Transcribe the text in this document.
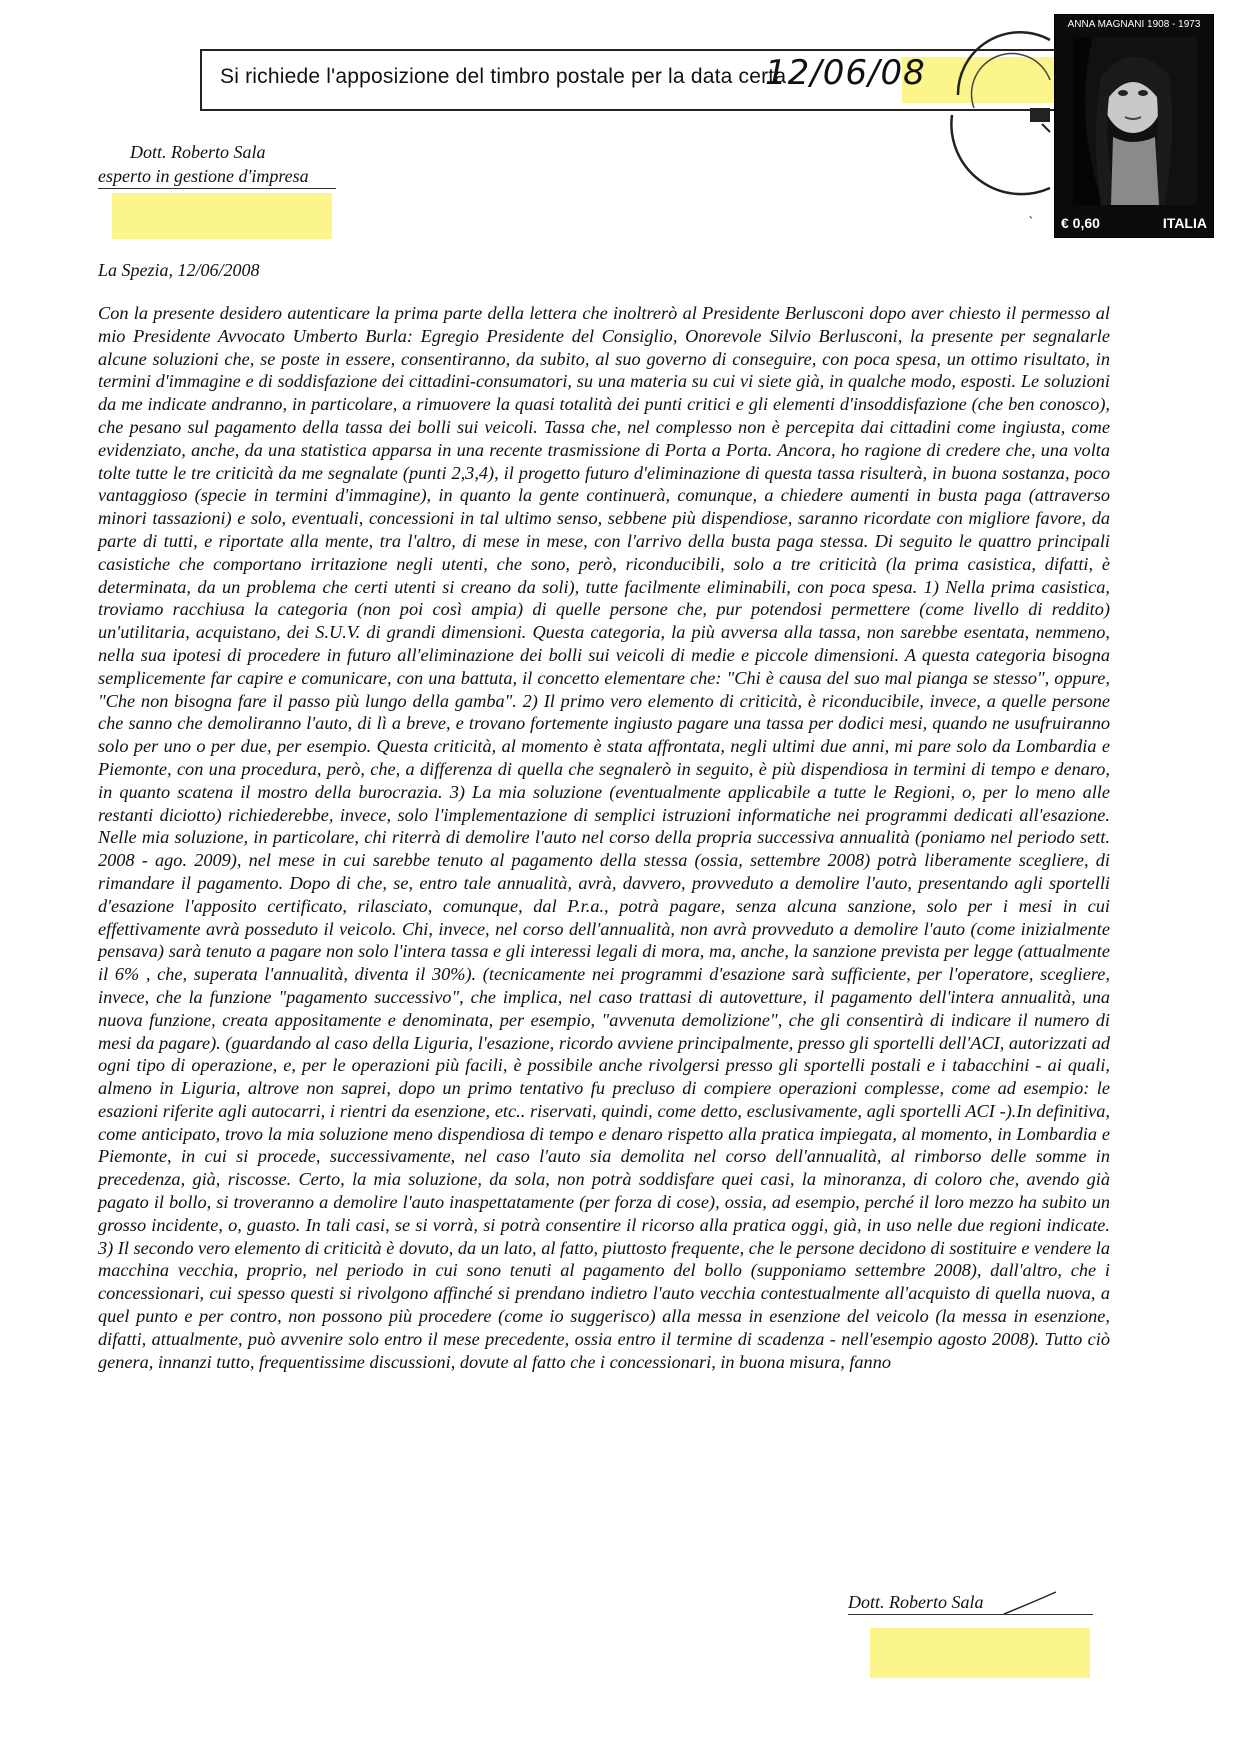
Si richiede l'apposizione del timbro postale per la data certa
12/06/08
ANNA MAGNANI 1908 - 1973
€ 0,60	ITALIA
Dott. Roberto Sala
esperto in gestione d'impresa
La Spezia, 12/06/2008

Con la presente desidero autenticare la prima parte della lettera che inoltrerò al Presidente Berlusconi dopo aver chiesto il permesso al mio Presidente Avvocato Umberto Burla: Egregio Presidente del Consiglio, Onorevole Silvio Berlusconi, la presente per segnalarle alcune soluzioni che, se poste in essere, consentiranno, da subito, al suo governo di conseguire, con poca spesa, un ottimo risultato, in termini d'immagine e di soddisfazione dei cittadini-consumatori, su una materia su cui vi siete già, in qualche modo, esposti. Le soluzioni da me indicate andranno, in particolare, a rimuovere la quasi totalità dei punti critici e gli elementi d'insoddisfazione (che ben conosco), che pesano sul pagamento della tassa dei bolli sui veicoli. Tassa che, nel complesso non è percepita dai cittadini come ingiusta, come evidenziato, anche, da una statistica apparsa in una recente trasmissione di Porta a Porta. Ancora, ho ragione di credere che, una volta tolte tutte le tre criticità da me segnalate (punti 2,3,4), il progetto futuro d'eliminazione di questa tassa risulterà, in buona sostanza, poco vantaggioso (specie in termini d'immagine), in quanto la gente continuerà, comunque, a chiedere aumenti in busta paga (attraverso minori tassazioni) e solo, eventuali, concessioni in tal ultimo senso, sebbene più dispendiose, saranno ricordate con migliore favore, da parte di tutti, e riportate alla mente, tra l'altro, di mese in mese, con l'arrivo della busta paga stessa. Di seguito le quattro principali casistiche che comportano irritazione negli utenti, che sono, però, riconducibili, solo a tre criticità (la prima casistica, difatti, è determinata, da un problema che certi utenti si creano da soli), tutte facilmente eliminabili, con poca spesa. 1) Nella prima casistica, troviamo racchiusa la categoria (non poi così ampia) di quelle persone che, pur potendosi permettere (come livello di reddito) un'utilitaria, acquistano, dei S.U.V. di grandi dimensioni. Questa categoria, la più avversa alla tassa, non sarebbe esentata, nemmeno, nella sua ipotesi di procedere in futuro all'eliminazione dei bolli sui veicoli di medie e piccole dimensioni. A questa categoria bisogna semplicemente far capire e comunicare, con una battuta, il concetto elementare che: "Chi è causa del suo mal pianga se stesso", oppure, "Che non bisogna fare il passo più lungo della gamba". 2) Il primo vero elemento di criticità, è riconducibile, invece, a quelle persone che sanno che demoliranno l'auto, di lì a breve, e trovano fortemente ingiusto pagare una tassa per dodici mesi, quando ne usufruiranno solo per uno o per due, per esempio. Questa criticità, al momento è stata affrontata, negli ultimi due anni, mi pare solo da Lombardia e Piemonte, con una procedura, però, che, a differenza di quella che segnalerò in seguito, è più dispendiosa in termini di tempo e denaro, in quanto scatena il mostro della burocrazia. 3) La mia soluzione (eventualmente applicabile a tutte le Regioni, o, per lo meno alle restanti diciotto) richiederebbe, invece, solo l'implementazione di semplici istruzioni informatiche nei programmi dedicati all'esazione. Nelle mia soluzione, in particolare, chi riterrà di demolire l'auto nel corso della propria successiva annualità (poniamo nel periodo sett. 2008 - ago. 2009), nel mese in cui sarebbe tenuto al pagamento della stessa (ossia, settembre 2008) potrà liberamente scegliere, di rimandare il pagamento. Dopo di che, se, entro tale annualità, avrà, davvero, provveduto a demolire l'auto, presentando agli sportelli d'esazione l'apposito certificato, rilasciato, comunque, dal P.r.a., potrà pagare, senza alcuna sanzione, solo per i mesi in cui effettivamente avrà posseduto il veicolo. Chi, invece, nel corso dell'annualità, non avrà provveduto a demolire l'auto (come inizialmente pensava) sarà tenuto a pagare non solo l'intera tassa e gli interessi legali di mora, ma, anche, la sanzione prevista per legge (attualmente il 6% , che, superata l'annualità, diventa il 30%). (tecnicamente nei programmi d'esazione sarà sufficiente, per l'operatore, scegliere, invece, che la funzione "pagamento successivo", che implica, nel caso trattasi di autovetture, il pagamento dell'intera annualità, una nuova funzione, creata appositamente e denominata, per esempio, "avvenuta demolizione", che gli consentirà di indicare il numero di mesi da pagare). (guardando al caso della Liguria, l'esazione, ricordo avviene principalmente, presso gli sportelli dell'ACI, autorizzati ad ogni tipo di operazione, e, per le operazioni più facili, è possibile anche rivolgersi presso gli sportelli postali e i tabacchini - ai quali, almeno in Liguria, altrove non saprei, dopo un primo tentativo fu precluso di compiere operazioni complesse, come ad esempio: le esazioni riferite agli autocarri, i rientri da esenzione, etc.. riservati, quindi, come detto, esclusivamente, agli sportelli ACI -).In definitiva, come anticipato, trovo la mia soluzione meno dispendiosa di tempo e denaro rispetto alla pratica impiegata, al momento, in Lombardia e Piemonte, in cui si procede, successivamente, nel caso l'auto sia demolita nel corso dell'annualità, al rimborso delle somme in precedenza, già, riscosse. Certo, la mia soluzione, da sola, non potrà soddisfare quei casi, la minoranza, di coloro che, avendo già pagato il bollo, si troveranno a demolire l'auto inaspettatamente (per forza di cose), ossia, ad esempio, perché il loro mezzo ha subito un grosso incidente, o, guasto. In tali casi, se si vorrà, si potrà consentire il ricorso alla pratica oggi, già, in uso nelle due regioni indicate. 3) Il secondo vero elemento di criticità è dovuto, da un lato, al fatto, piuttosto frequente, che le persone decidono di sostituire e vendere la macchina vecchia, proprio, nel periodo in cui sono tenuti al pagamento del bollo (supponiamo settembre 2008), dall'altro, che i concessionari, cui spesso questi si rivolgono affinché si prendano indietro l'auto vecchia contestualmente all'acquisto di quella nuova, a quel punto e per contro, non possono più procedere (come io suggerisco) alla messa in esenzione del veicolo (la messa in esenzione, difatti, attualmente, può avvenire solo entro il mese precedente, ossia entro il termine di scadenza - nell'esempio agosto 2008). Tutto ciò genera, innanzi tutto, frequentissime discussioni, dovute al fatto che i concessionari, in buona misura, fanno

Dott. Roberto Sala
